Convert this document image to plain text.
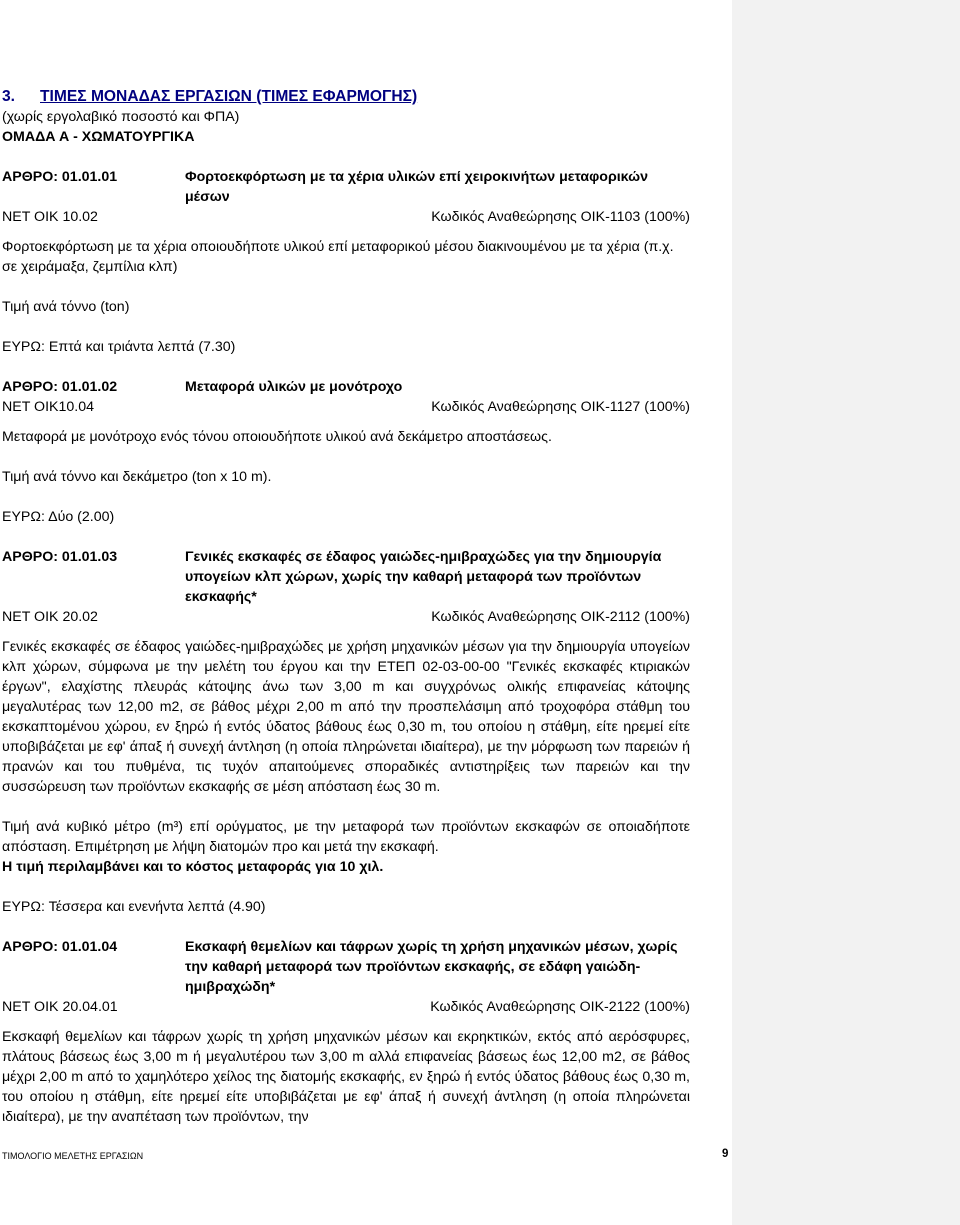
3. ΤΙΜΕΣ ΜΟΝΑΔΑΣ ΕΡΓΑΣΙΩΝ (ΤΙΜΕΣ ΕΦΑΡΜΟΓΗΣ)
(χωρίς εργολαβικό ποσοστό και ΦΠΑ)
ΟΜΑΔΑ Α - ΧΩΜΑΤΟΥΡΓΙΚΑ
ΑΡΘΡΟ: 01.01.01	Φορτοεκφόρτωση με τα χέρια υλικών επί χειροκινήτων μεταφορικών μέσων
ΝΕΤ ΟΙΚ 10.02	Κωδικός Αναθεώρησης ΟΙΚ-1103 (100%)
Φορτοεκφόρτωση με τα χέρια οποιουδήποτε υλικού επί μεταφορικού μέσου διακινουμένου με τα χέρια (π.χ. σε χειράμαξα, ζεμπίλια κλπ)
Τιμή ανά τόννο (ton)
ΕΥΡΩ: Επτά και τριάντα λεπτά (7.30)
ΑΡΘΡΟ: 01.01.02	Μεταφορά υλικών με μονότροχο
ΝΕΤ ΟΙΚ10.04	Κωδικός Αναθεώρησης ΟΙΚ-1127 (100%)
Μεταφορά με μονότροχο ενός τόνου οποιουδήποτε υλικού ανά δεκάμετρο αποστάσεως.
Τιμή ανά τόννο και δεκάμετρο (ton x 10 m).
ΕΥΡΩ: Δύο (2.00)
ΑΡΘΡΟ: 01.01.03	Γενικές εκσκαφές σε έδαφος γαιώδες-ημιβραχώδες για την δημιουργία υπογείων κλπ χώρων, χωρίς την καθαρή μεταφορά των προϊόντων εκσκαφής*
ΝΕΤ ΟΙΚ 20.02	Κωδικός Αναθεώρησης ΟΙΚ-2112 (100%)
Γενικές εκσκαφές σε έδαφος γαιώδες-ημιβραχώδες με χρήση μηχανικών μέσων για την δημιουργία υπογείων κλπ χώρων, σύμφωνα με την μελέτη του έργου και την ΕΤΕΠ 02-03-00-00 "Γενικές εκσκαφές κτιριακών έργων", ελαχίστης πλευράς κάτοψης άνω των 3,00 m και συγχρόνως ολικής επιφανείας κάτοψης μεγαλυτέρας των 12,00 m2, σε βάθος μέχρι 2,00 m από την προσπελάσιμη από τροχοφόρα στάθμη του εκσκαπτομένου χώρου, εν ξηρώ ή εντός ύδατος βάθους έως 0,30 m, του οποίου η στάθμη, είτε ηρεμεί είτε υποβιβάζεται με εφ' άπαξ ή συνεχή άντληση (η οποία πληρώνεται ιδιαίτερα), με την μόρφωση των παρειών ή πρανών και του πυθμένα, τις τυχόν απαιτούμενες σποραδικές αντιστηρίξεις των παρειών και την συσσώρευση των προϊόντων εκσκαφής σε μέση απόσταση έως 30 m.
Τιμή ανά κυβικό μέτρο (m³) επί ορύγματος, με την μεταφορά των προϊόντων εκσκαφών σε οποιαδήποτε απόσταση. Επιμέτρηση με λήψη διατομών προ και μετά την εκσκαφή.
Η τιμή περιλαμβάνει και το κόστος μεταφοράς για 10 χιλ.
ΕΥΡΩ: Τέσσερα και ενενήντα λεπτά (4.90)
ΑΡΘΡΟ: 01.01.04	Εκσκαφή θεμελίων και τάφρων χωρίς τη χρήση μηχανικών μέσων, χωρίς την καθαρή μεταφορά των προϊόντων εκσκαφής, σε εδάφη γαιώδη-ημιβραχώδη*
ΝΕΤ ΟΙΚ 20.04.01	Κωδικός Αναθεώρησης ΟΙΚ-2122 (100%)
Εκσκαφή θεμελίων και τάφρων χωρίς τη χρήση μηχανικών μέσων και εκρηκτικών, εκτός από αερόσφυρες, πλάτους βάσεως έως 3,00 m ή μεγαλυτέρου των 3,00 m αλλά επιφανείας βάσεως έως 12,00 m2, σε βάθος μέχρι 2,00 m από το χαμηλότερο χείλος της διατομής εκσκαφής, εν ξηρώ ή εντός ύδατος βάθους έως 0,30 m, του οποίου η στάθμη, είτε ηρεμεί είτε υποβιβάζεται με εφ' άπαξ ή συνεχή άντληση (η οποία πληρώνεται ιδιαίτερα), με την αναπέταση των προϊόντων, την
ΤΙΜΟΛΟΓΙΟ ΜΕΛΕΤΗΣ ΕΡΓΑΣΙΩΝ	9
